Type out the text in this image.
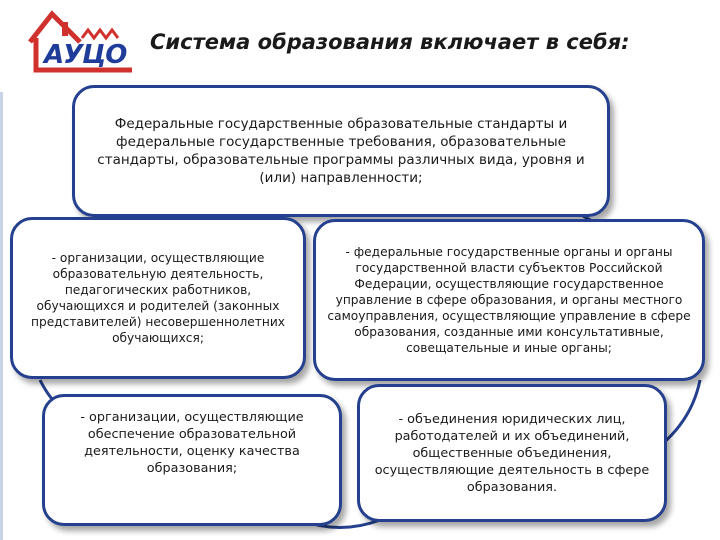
АУЦО Система образования включает в себя:
Федеральные государственные образовательные стандарты и федеральные государственные требования, образовательные стандарты, образовательные программы различных вида, уровня и (или) направленности;
- организации, осуществляющие образовательную деятельность, педагогических работников, обучающихся и родителей (законных представителей) несовершеннолетних обучающихся;
- федеральные государственные органы и органы государственной власти субъектов Российской Федерации, осуществляющие государственное управление в сфере образования, и органы местного самоуправления, осуществляющие управление в сфере образования, созданные ими консультативные, совещательные и иные органы;
- организации, осуществляющие обеспечение образовательной деятельности, оценку качества образования;
- объединения юридических лиц, работодателей и их объединений, общественные объединения, осуществляющие деятельность в сфере образования.
